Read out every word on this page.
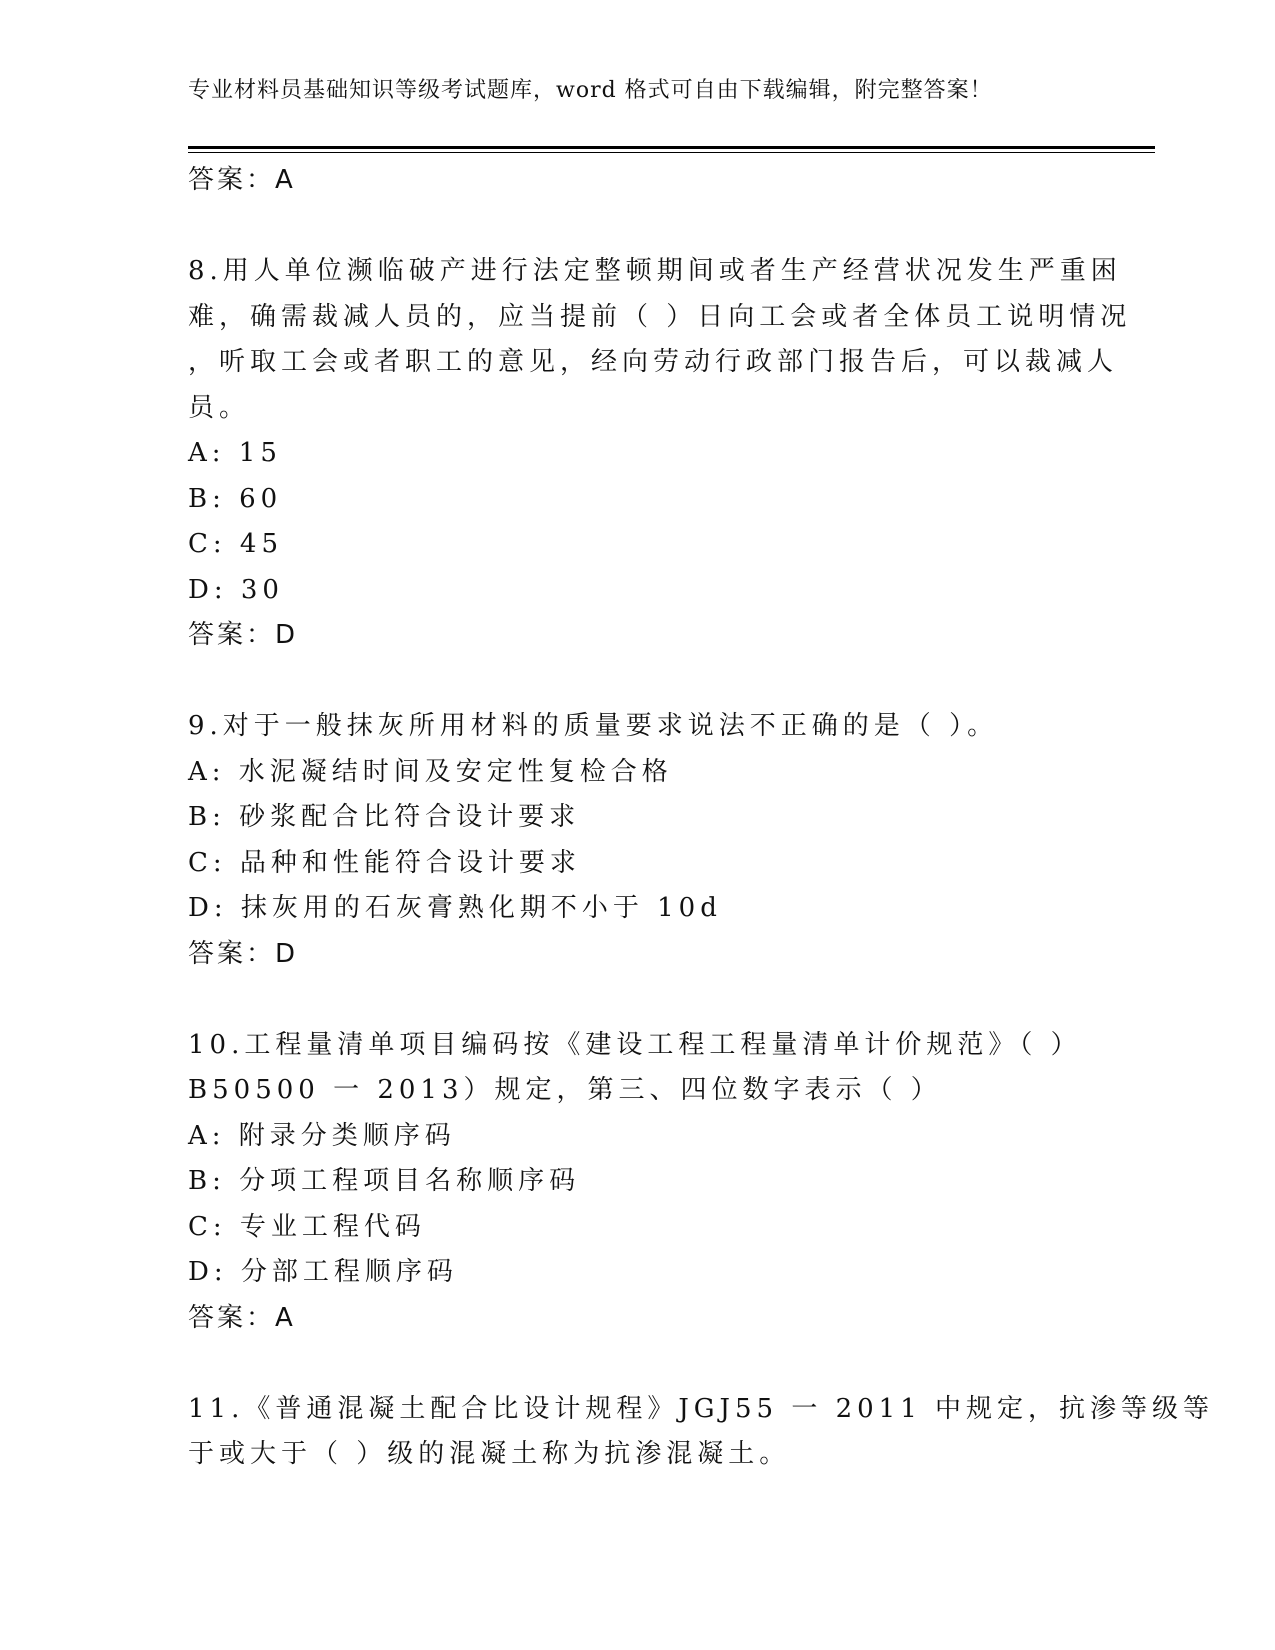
专业材料员基础知识等级考试题库，word 格式可自由下载编辑，附完整答案！
答案：A
8.用人单位濒临破产进行法定整顿期间或者生产经营状况发生严重困
难，确需裁减人员的，应当提前（ ）日向工会或者全体员工说明情况
，听取工会或者职工的意见，经向劳动行政部门报告后，可以裁减人
员。
A: 15
B: 60
C: 45
D: 30
答案：D
9.对于一般抹灰所用材料的质量要求说法不正确的是（ ）。
A: 水泥凝结时间及安定性复检合格
B: 砂浆配合比符合设计要求
C: 品种和性能符合设计要求
D: 抹灰用的石灰膏熟化期不小于 10d
答案：D
10.工程量清单项目编码按《建设工程工程量清单计价规范》（ ）
B50500 一 2013）规定，第三、四位数字表示（ ）
A: 附录分类顺序码
B: 分项工程项目名称顺序码
C: 专业工程代码
D: 分部工程顺序码
答案：A
11.《普通混凝土配合比设计规程》JGJ55 一 2011 中规定，抗渗等级等
于或大于（ ）级的混凝土称为抗渗混凝土。
